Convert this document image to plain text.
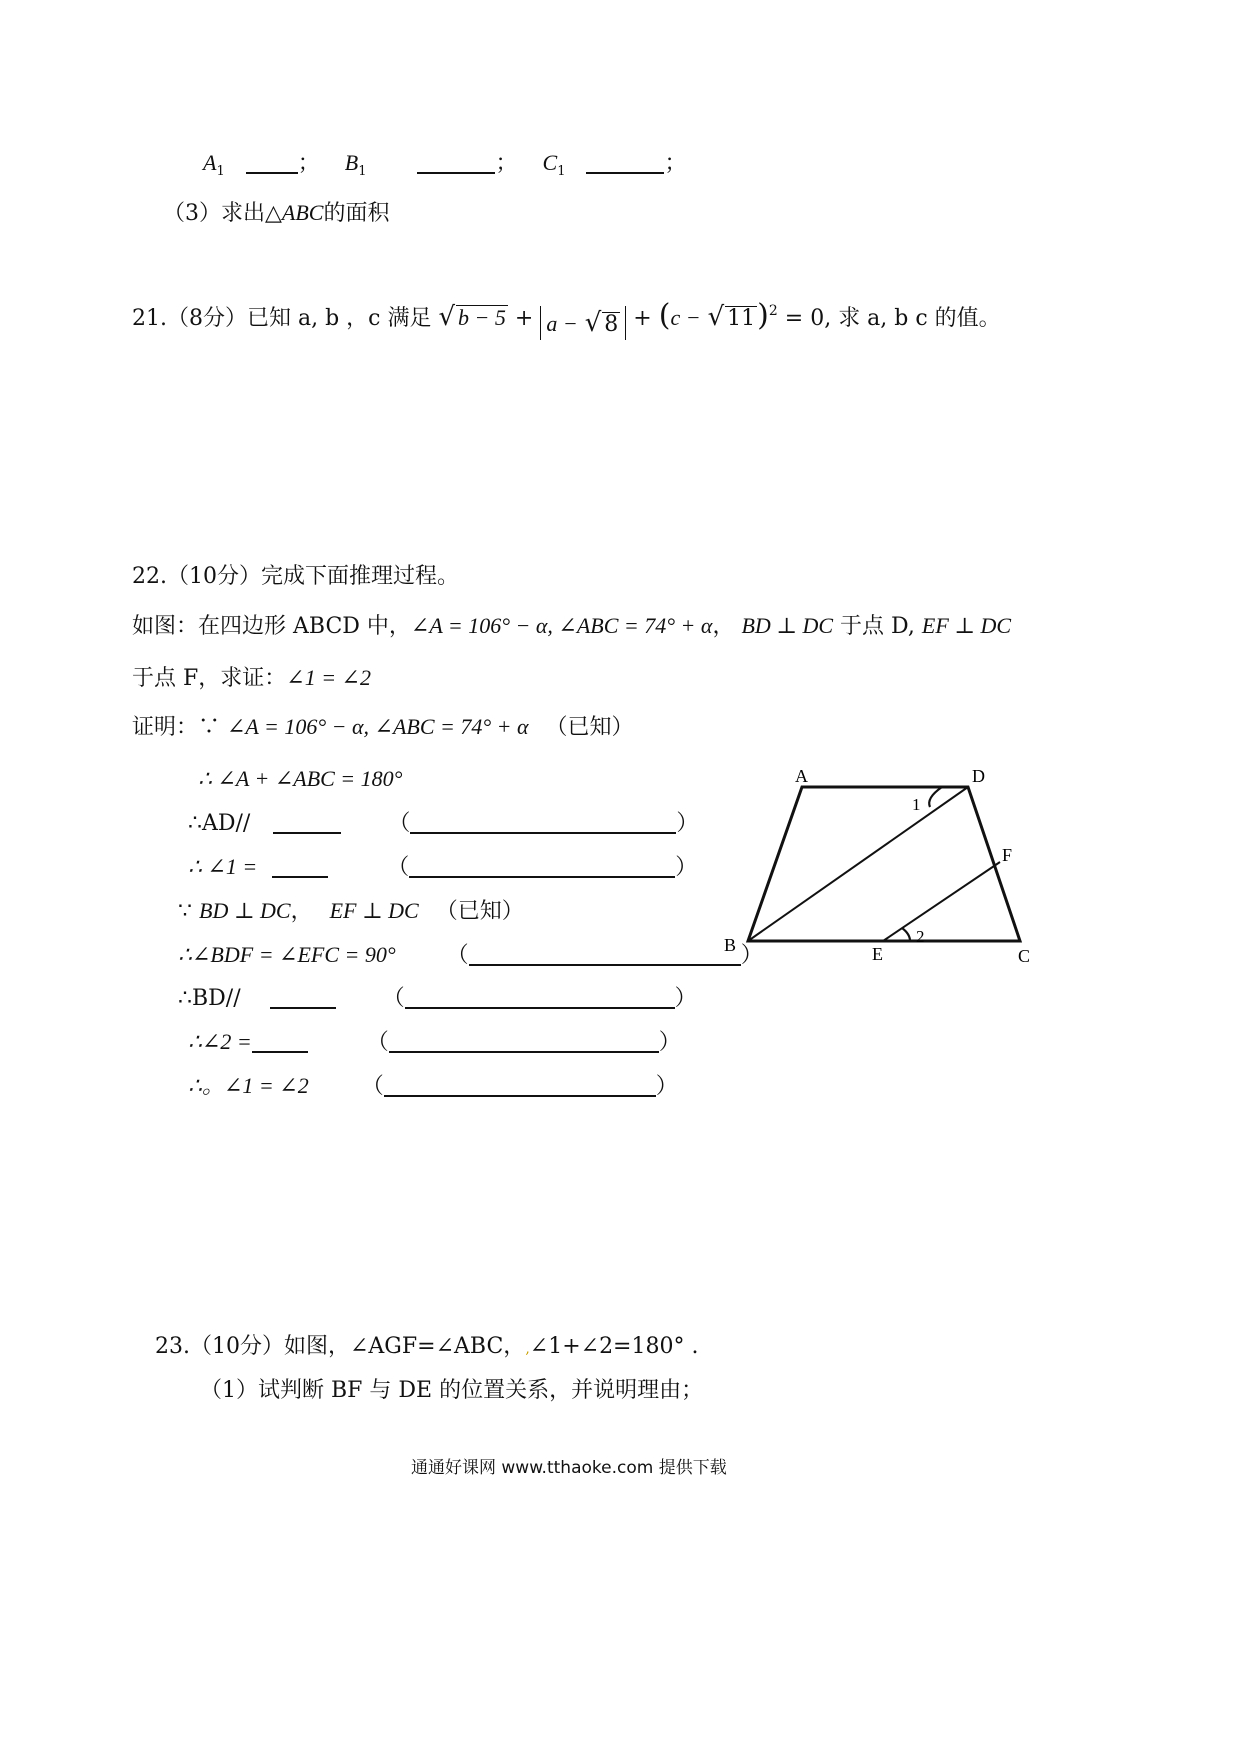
$A_1$	； $B_1$	； $C_1$	；
（3）求出△ABC的面积
21.（8分）已知 a, b ，c 满足 √ b − 5 + a − √ 8 + (c − √ 11)$^2$ = 0, 求 a, b c 的值。
22.（10分）完成下面推理过程。
如图：在四边形 ABCD 中，∠A = 106° − α, ∠ABC = 74° + α， BD ⊥ DC 于点 D, EF ⊥ DC
于点 F，求证：∠1 = ∠2
证明：∵ ∠A = 106° − α, ∠ABC = 74° + α （已知）
∴ ∠A + ∠ABC = 180°
∴AD//	（	）
∴ ∠1 =	（	）
∵ BD ⊥ DC， EF ⊥ DC （已知）
∴∠BDF = ∠EFC = 90° （	）
∴BD//	（	）
∴∠2 =	（	）
∴。∠1 = ∠2 （	）
A	D
F
B	E	C
1
2
23.（10分）如图，∠AGF=∠ABC，,∠1+∠2=180° .
（1）试判断 BF 与 DE 的位置关系，并说明理由；
通通好课网 www.tthaoke.com 提供下载
